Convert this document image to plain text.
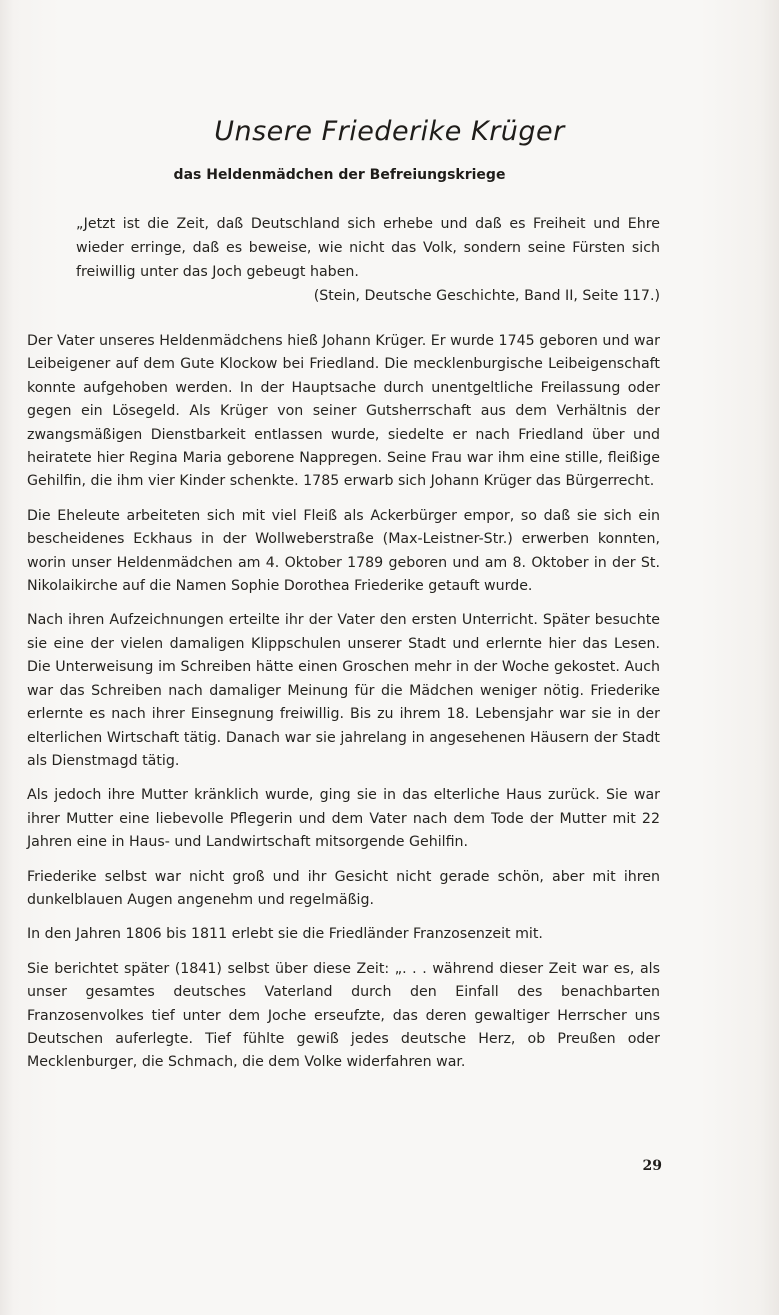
Unsere Friederike Krüger
das Heldenmädchen der Befreiungskriege

„Jetzt ist die Zeit, daß Deutschland sich erhebe und daß es Freiheit und Ehre wieder erringe, daß es beweise, wie nicht das Volk, sondern seine Fürsten sich freiwillig unter das Joch gebeugt haben.

(Stein, Deutsche Geschichte, Band II, Seite 117.)

Der Vater unseres Heldenmädchens hieß Johann Krüger. Er wurde 1745 geboren und war Leibeigener auf dem Gute Klockow bei Friedland. Die mecklenburgische Leibeigenschaft konnte aufgehoben werden. In der Hauptsache durch unentgeltliche Freilassung oder gegen ein Lösegeld. Als Krüger von seiner Gutsherrschaft aus dem Verhältnis der zwangsmäßigen Dienstbarkeit entlassen wurde, siedelte er nach Friedland über und heiratete hier Regina Maria geborene Nappregen. Seine Frau war ihm eine stille, fleißige Gehilfin, die ihm vier Kinder schenkte. 1785 erwarb sich Johann Krüger das Bürgerrecht.

Die Eheleute arbeiteten sich mit viel Fleiß als Ackerbürger empor, so daß sie sich ein bescheidenes Eckhaus in der Wollweberstraße (Max-Leistner-Str.) erwerben konnten, worin unser Heldenmädchen am 4. Oktober 1789 geboren und am 8. Oktober in der St. Nikolaikirche auf die Namen Sophie Dorothea Friederike getauft wurde.

Nach ihren Aufzeichnungen erteilte ihr der Vater den ersten Unterricht. Später besuchte sie eine der vielen damaligen Klippschulen unserer Stadt und erlernte hier das Lesen. Die Unterweisung im Schreiben hätte einen Groschen mehr in der Woche gekostet. Auch war das Schreiben nach damaliger Meinung für die Mädchen weniger nötig. Friederike erlernte es nach ihrer Einsegnung freiwillig. Bis zu ihrem 18. Lebensjahr war sie in der elterlichen Wirtschaft tätig. Danach war sie jahrelang in angesehenen Häusern der Stadt als Dienstmagd tätig.

Als jedoch ihre Mutter kränklich wurde, ging sie in das elterliche Haus zurück. Sie war ihrer Mutter eine liebevolle Pflegerin und dem Vater nach dem Tode der Mutter mit 22 Jahren eine in Haus- und Landwirtschaft mitsorgende Gehilfin.

Friederike selbst war nicht groß und ihr Gesicht nicht gerade schön, aber mit ihren dunkelblauen Augen angenehm und regelmäßig.

In den Jahren 1806 bis 1811 erlebt sie die Friedländer Franzosenzeit mit.

Sie berichtet später (1841) selbst über diese Zeit: „. . . während dieser Zeit war es, als unser gesamtes deutsches Vaterland durch den Einfall des benachbarten Franzosenvolkes tief unter dem Joche erseufzte, das deren gewaltiger Herrscher uns Deutschen auferlegte. Tief fühlte gewiß jedes deutsche Herz, ob Preußen oder Mecklenburger, die Schmach, die dem Volke widerfahren war.

29
